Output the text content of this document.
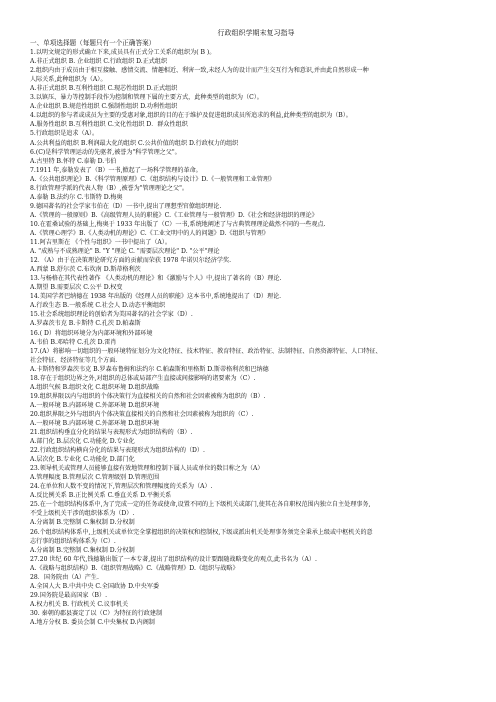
行政组织学期末复习指导
一、单项选择题（每题只有一个正确答案）
1.以明文规定的形式确立下来,成员具有正式分工关系的组织为( B )。
A.非正式组织 B. 企业组织 C.行政组织 D.正式组织
2.组织内由于成员由于相互接触、感情交流、情趣相近、利害一致,未经人为的设计而产生交互行为和意识,并由此自然形成一种
人际关系,此种组织为（A）。
A.非正式组织 B.互利性组织 C.现芯性组织 D.正式组织
3.以镇压、暴力等控制手段作为控制和管理下属的主要方式，此种类型的组织为（C）。
A.企业组织 B.规范性组织 C.强制性组织 D.功利性组织
4.以组织的参与者或成员为主要的受惠对象,组织的目的在于维护及促进组织成员所追求的利益,此种类型的组织为（B）。
A.服务性组织 B.互利性组织 C.文化性组织 D．群众性组织
5.行政组织是追求（A）。
A.公共利益的组织 B.利润最大化的组织 C.公共价值的组织 D.行政权力的组织
6.(C)是科学管理运动的先驱者,被誉为"科学管理之父"。
A.古里特 B.怀特 C.泰勒 D.韦伯
7.1911 年,泰勒发表了（B）一书,掀起了一场科学管理的革命。
A.《公共组织理论》B.《科学管理原理》C.《组织结构与设计》D.《一般管理和工业管理》
8.行政管理学派的代表人物（B）,被誉为"管理理论之父"。
A.泰勒 B.法约尔 C.韦斯特 D.梅奥
9.德国著名的社会学家韦伯在（D）一书中,提出了理想型官僚组织理论.
A.《管理的一般原则》B.《高级管理人员的职能》C.《工业管理与一般管理》D.《社会和经济组织的理论》
10.在霍桑试验的基础上,梅奥于 1933 年出版了（C）一书,系统地阐述了与古典管理理论截然不同的一些观点.
A.《管理心理学》B.《人类动机的理论》C.《工业文明中的人的问题》D.《组织与管理》
11.阿吉里斯在 《个性与组织》一书中提出了（A）。
A. "成熟与不成熟理论" B. "Y "理论 C. "需要层次理论" D. "公平"理论
12．（A）由于在决策理论研究方面的贡献而荣获 1978 年诺贝尔经济学奖.
A.西蒙 B.舒尔茨 C.布坎南 D.斯蒂格利茨
13.与杨格在其代表性著作 《人类动机的理论》和《激励与个人》中,提出了著名的（B）理论.
A.期望 B.需要层次 C.公平 D.权变
14.美国学者巴纳德在 1938 年出版的《经理人员的职能》这本书中,系统地提出了（D）理论.
A.行政生态 B.一般系统 C.社会人 D.动态平衡组织
15.社会系统组织理论的创始者为美国著名的社会学家（D）.
A.罗森茨韦克 B.卡斯特 C.孔茨 D.帕森斯
16.( D）将组织环境分为内部环境和外部环境
A.韦伯 B.邓哈特 C.孔茨 D.雷肖
17.(A）将影响一切组织的一般环境特征划分为文化特征、技术特征、教育特征、政治特征、法制特征、自然资源特征、人口特征、
社会特征、经济特征等几个方面.
A.卡斯特和罗森茨韦克 B.罗森布鲁姆和法约尔 C.帕森斯和里格斯 D.斯蒂格利茨和巴纳德
18.存在于组织边界之外,对组织的总体或局部产生直接或间接影响的诸要素为（C）.
A.组织气候 B.组织文化 C.组织环境 D.组织战略
19.组织界限以内与组织的个体决策行为直接相关的自然和社会因素被称为组织的（B）.
A.一般环境 B.内部环境 C.外部环境 D.组织环境
20.组织界限之外与组织内个体决策直接相关的自然和社会因素被称为组织的（C）.
A.一般环境 B.内部环境 C.外部环境 D.组织环境
21.组织结构垂直分化的结果与表现形式为组织结构的（B）.
A.部门化 B.层次化 C.功能化 D.专业化
22.行政组织结构横向分化的结果与表现形式为组织结构的（D）.
A.层次化 B.专业化 C.功能化 D.部门化
23.领导机关或管理人员能够直接有效地管理和控制下属人员或单位的数目称之为（A）
A.管理幅度 B.管理层次 C.管理级别 D.管理范围
24.在单位和人数不变的情况下,管理层次和管理幅度的关系为（A）.
A.反比例关系 B.正比例关系 C.垂直关系 D.平衡关系
25.在一个组织结构体系中,为了完成一定的任务或使命,设置不同的上下级机关或部门,使其在各自职权范围内独立自主处理事务,
不受上级机关干涉的组织体系为（D）.
A.分离制 B.完整制 C.集权制 D.分权制
26.个组织结构体系中,上级机关或单位完全掌握组织的决策权和控制权,下级或派出机关处理事务须完全秉承上级或中枢机关的意
志行事的组织结构体系为（C）.
A.分离制 B.完整制 C.集权制 D.分权制
27.20 世纪 60 年代,钱德勒出版了一本专著,提出了组织结构的设计要跟随战略变化的观点,此书名为（A）.
A.《战略与组织结构》B.《组织管理战略》C.《战略管理》D.《组织与战略》
28．国务院由（A）产生.
A.全国人大 B.中共中央 C.全国政协 D.中央军委
29.国务院是最高国家（B）.
A.权力机关 B. 行政机关 C.议事机关
30. 秦朝的郡县赛定了以（C）为特征的行政建制
A.地方分权 B. 委员会制 C.中央集权 D.内阁制
